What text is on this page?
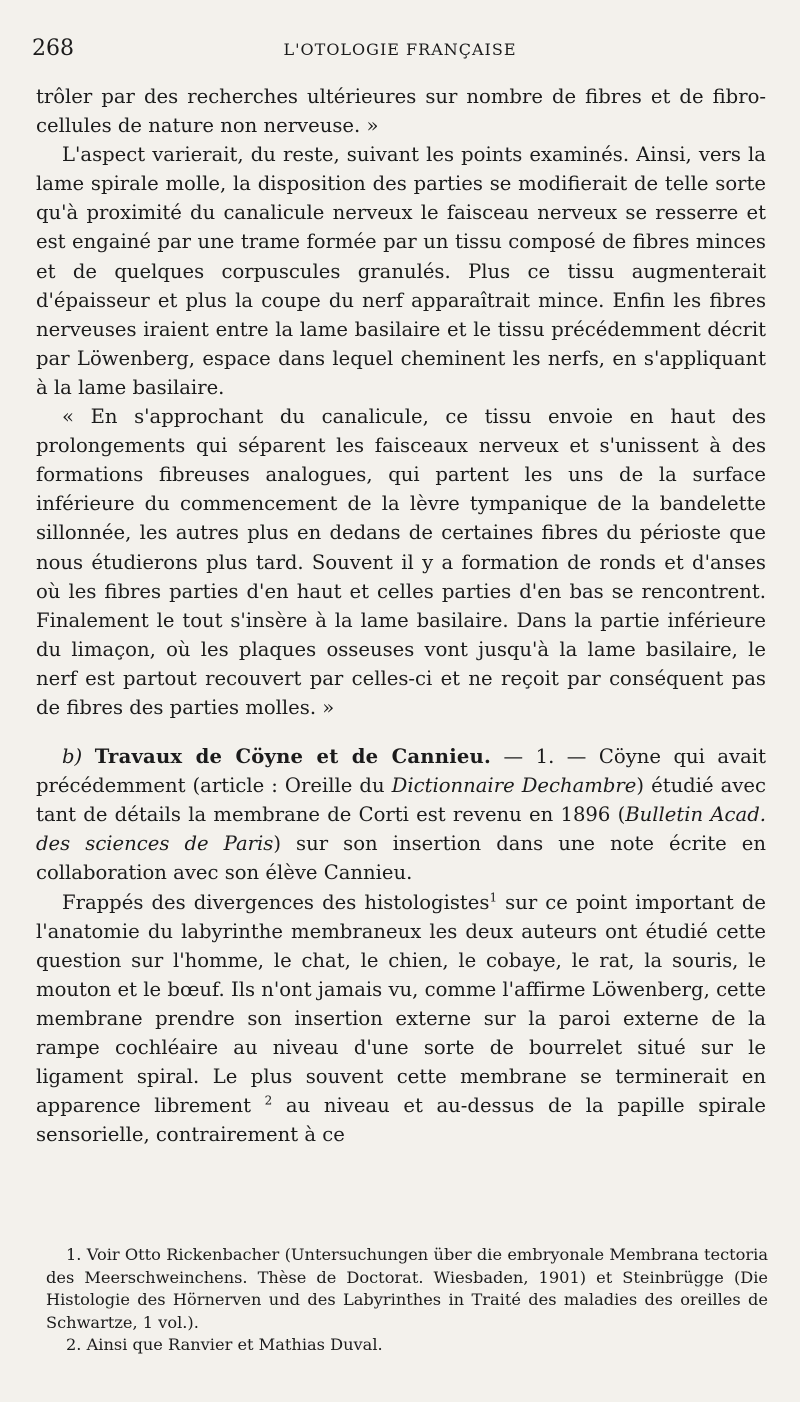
268	L'OTOLOGIE FRANÇAISE

trôler par des recherches ultérieures sur nombre de fibres et de fibro-cellules de nature non nerveuse. »

L'aspect varierait, du reste, suivant les points examinés. Ainsi, vers la lame spirale molle, la disposition des parties se modifierait de telle sorte qu'à proximité du canalicule nerveux le faisceau nerveux se resserre et est engainé par une trame formée par un tissu composé de fibres minces et de quelques corpuscules granulés. Plus ce tissu augmenterait d'épaisseur et plus la coupe du nerf apparaîtrait mince. Enfin les fibres nerveuses iraient entre la lame basilaire et le tissu précédemment décrit par Löwenberg, espace dans lequel cheminent les nerfs, en s'appliquant à la lame basilaire.

« En s'approchant du canalicule, ce tissu envoie en haut des prolongements qui séparent les faisceaux nerveux et s'unissent à des formations fibreuses analogues, qui partent les uns de la surface inférieure du commencement de la lèvre tympanique de la bandelette sillonnée, les autres plus en dedans de certaines fibres du périoste que nous étudierons plus tard. Souvent il y a formation de ronds et d'anses où les fibres parties d'en haut et celles parties d'en bas se rencontrent. Finalement le tout s'insère à la lame basilaire. Dans la partie inférieure du limaçon, où les plaques osseuses vont jusqu'à la lame basilaire, le nerf est partout recouvert par celles-ci et ne reçoit par conséquent pas de fibres des parties molles. »

b) Travaux de Cöyne et de Cannieu. — 1. — Cöyne qui avait précédemment (article : Oreille du Dictionnaire Dechambre) étudié avec tant de détails la membrane de Corti est revenu en 1896 (Bulletin Acad. des sciences de Paris) sur son insertion dans une note écrite en collaboration avec son élève Cannieu.

Frappés des divergences des histologistes$^1$ sur ce point important de l'anatomie du labyrinthe membraneux les deux auteurs ont étudié cette question sur l'homme, le chat, le chien, le cobaye, le rat, la souris, le mouton et le bœuf. Ils n'ont jamais vu, comme l'affirme Löwenberg, cette membrane prendre son insertion externe sur la paroi externe de la rampe cochléaire au niveau d'une sorte de bourrelet situé sur le ligament spiral. Le plus souvent cette membrane se terminerait en apparence librement $^2$ au niveau et au-dessus de la papille spirale sensorielle, contrairement à ce

1. Voir Otto Rickenbacher (Untersuchungen über die embryonale Membrana tectoria des Meerschweinchens. Thèse de Doctorat. Wiesbaden, 1901) et Steinbrügge (Die Histologie des Hörnerven und des Labyrinthes in Traité des maladies des oreilles de Schwartze, 1 vol.).

2. Ainsi que Ranvier et Mathias Duval.
